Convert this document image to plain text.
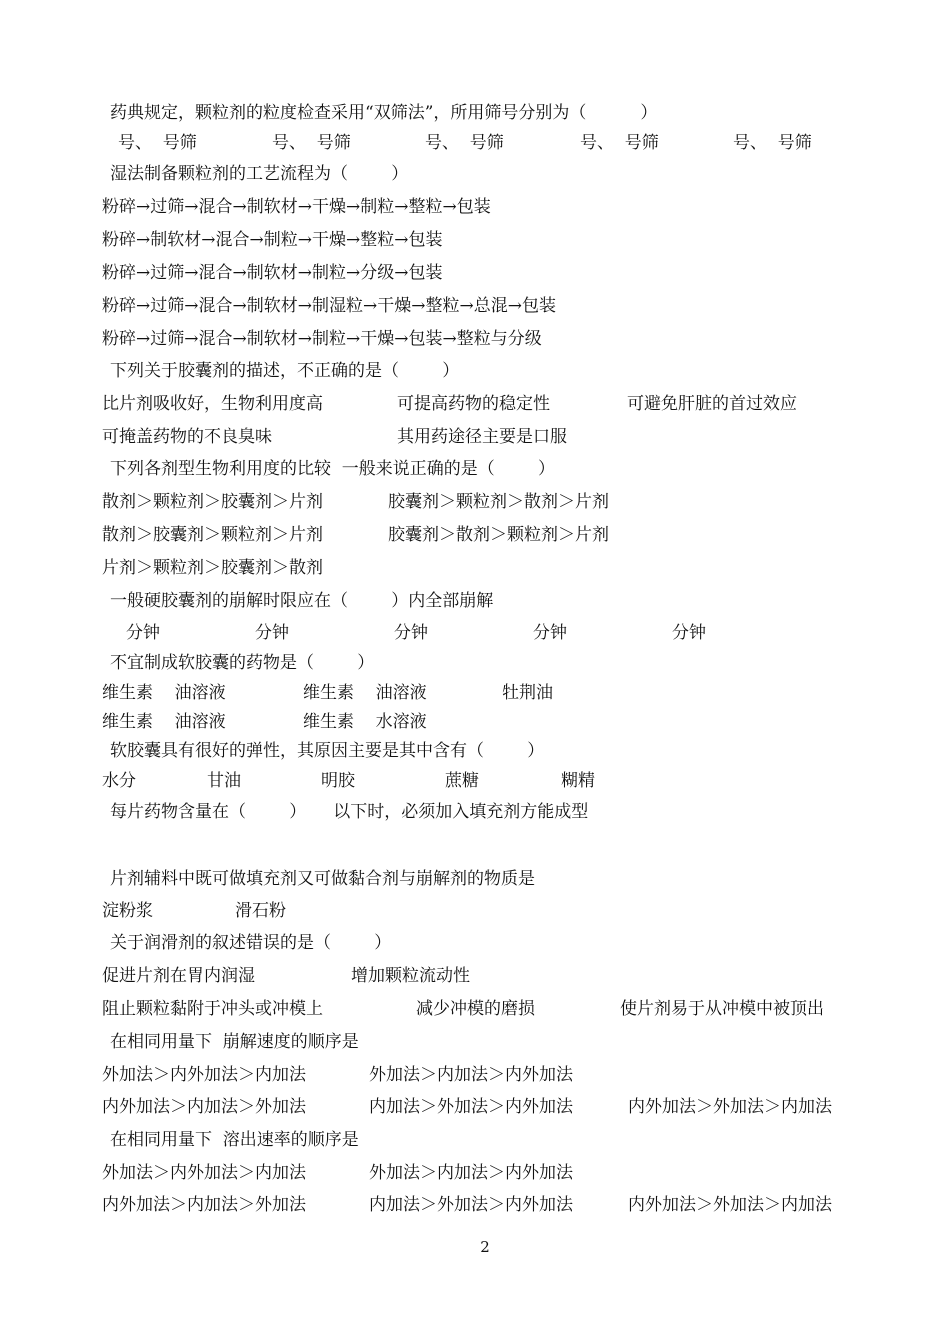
药典规定，颗粒剂的粒度检查采用“双筛法”，所用筛号分别为（          ）
号、  号筛	号、  号筛	号、  号筛	号、  号筛	号、  号筛
湿法制备颗粒剂的工艺流程为（        ）
粉碎→过筛→混合→制软材→干燥→制粒→整粒→包装
粉碎→制软材→混合→制粒→干燥→整粒→包装
粉碎→过筛→混合→制软材→制粒→分级→包装
粉碎→过筛→混合→制软材→制湿粒→干燥→整粒→总混→包装
粉碎→过筛→混合→制软材→制粒→干燥→包装→整粒与分级
下列关于胶囊剂的描述，不正确的是（        ）
比片剂吸收好，生物利用度高	可提高药物的稳定性	可避免肝脏的首过效应
可掩盖药物的不良臭味	其用药途径主要是口服
下列各剂型生物利用度的比较  一般来说正确的是（        ）
散剂＞颗粒剂＞胶囊剂＞片剂	胶囊剂＞颗粒剂＞散剂＞片剂
散剂＞胶囊剂＞颗粒剂＞片剂	胶囊剂＞散剂＞颗粒剂＞片剂
片剂＞颗粒剂＞胶囊剂＞散剂
一般硬胶囊剂的崩解时限应在（        ）内全部崩解
分钟	分钟	分钟	分钟	分钟
不宜制成软胶囊的药物是（        ）
维生素    油溶液	维生素    油溶液	牡荆油
维生素    油溶液	维生素    水溶液
软胶囊具有很好的弹性，其原因主要是其中含有（        ）
水分	甘油	明胶	蔗糖	糊精
每片药物含量在（        ）     以下时，必须加入填充剂方能成型
片剂辅料中既可做填充剂又可做黏合剂与崩解剂的物质是
淀粉浆	滑石粉
关于润滑剂的叙述错误的是（        ）
促进片剂在胃内润湿	增加颗粒流动性
阻止颗粒黏附于冲头或冲模上	减少冲模的磨损	使片剂易于从冲模中被顶出
在相同用量下  崩解速度的顺序是
外加法＞内外加法＞内加法	外加法＞内加法＞内外加法
内外加法＞内加法＞外加法	内加法＞外加法＞内外加法	内外加法＞外加法＞内加法
在相同用量下  溶出速率的顺序是
外加法＞内外加法＞内加法	外加法＞内加法＞内外加法
内外加法＞内加法＞外加法	内加法＞外加法＞内外加法	内外加法＞外加法＞内加法
2
